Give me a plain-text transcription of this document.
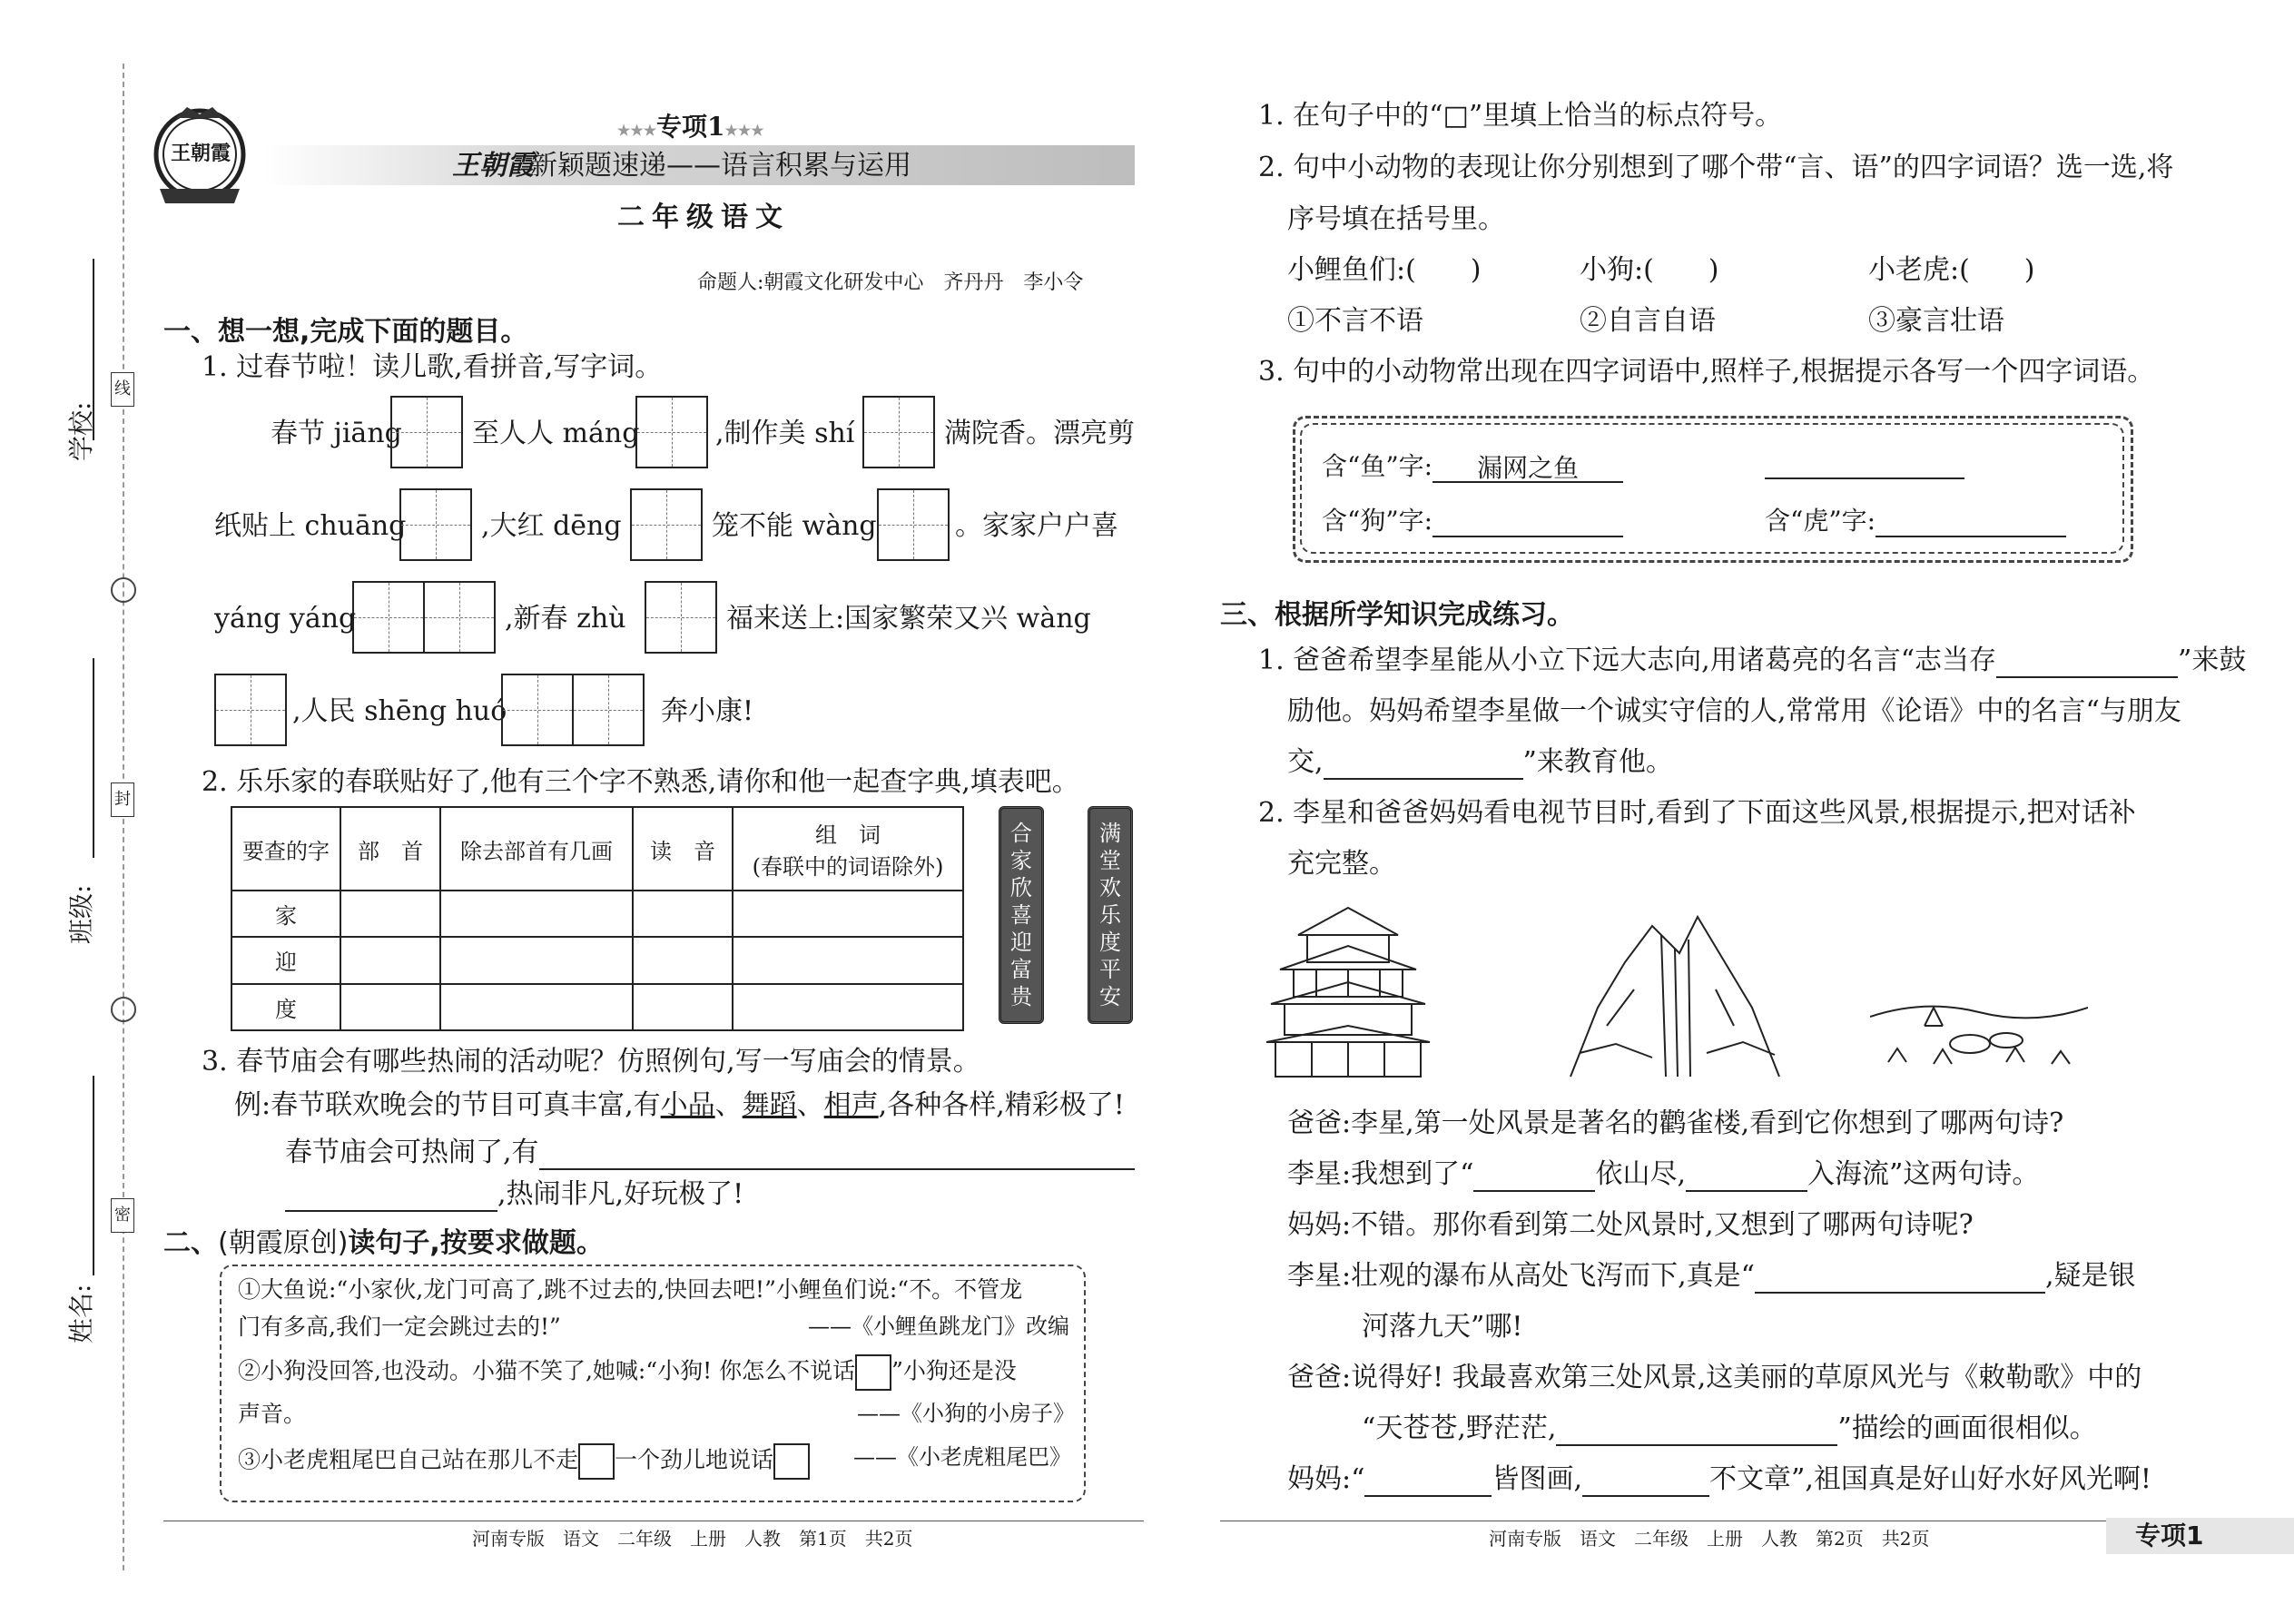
学校:
班级:
姓名:
线
封
密
王朝霞
★★★专项1★★★
王朝霞
新颖题速递——语言积累与运用
二年级语文
命题人:朝霞文化研发中心　齐丹丹　李小令
一、想一想,完成下面的题目。
1. 过春节啦！读儿歌,看拼音,写字词。
春节 jiāng	至人人 máng	,制作美 shí	满院香。漂亮剪
纸贴上 chuāng	,大红 dēng	笼不能 wàng	。家家户户喜
yáng yáng	,新春 zhù	福来送上:国家繁荣又兴 wàng
,人民 shēng huó	奔小康!
2. 乐乐家的春联贴好了,他有三个字不熟悉,请你和他一起查字典,填表吧。
要查的字	部　首	除去部首有几画	读　音	组　词
(春联中的词语除外)

家				
迎				
度				
合
家
欣
喜
迎
富
贵
满
堂
欢
乐
度
平
安
3. 春节庙会有哪些热闹的活动呢？仿照例句,写一写庙会的情景。
例:春节联欢晚会的节目可真丰富,有小品、舞蹈、相声,各种各样,精彩极了!
春节庙会可热闹了,有
,热闹非凡,好玩极了!
二、(朝霞原创)读句子,按要求做题。
①大鱼说:“小家伙,龙门可高了,跳不过去的,快回去吧!”小鲤鱼们说:“不。不管龙
门有多高,我们一定会跳过去的!”	——《小鲤鱼跳龙门》改编
②小狗没回答,也没动。小猫不笑了,她喊:“小狗! 你怎么不说话 ”小狗还是没
声音。	——《小狗的小房子》
③小老虎粗尾巴自己站在那儿不走 一个劲儿地说话	——《小老虎粗尾巴》
河南专版　语文　二年级　上册　人教　第1页　共2页
1. 在句子中的“□”里填上恰当的标点符号。
2. 句中小动物的表现让你分别想到了哪个带“言、语”的四字词语？选一选,将
序号填在括号里。
小鲤鱼们:(　　)	小狗:(　　)	小老虎:(　　)
①不言不语	②自言自语	③豪言壮语
3. 句中的小动物常出现在四字词语中,照样子,根据提示各写一个四字词语。
含“鱼”字: 漏网之鱼
含“狗”字:	含“虎”字:
三、根据所学知识完成练习。
1. 爸爸希望李星能从小立下远大志向,用诸葛亮的名言“志当存	”来鼓
励他。妈妈希望李星做一个诚实守信的人,常常用《论语》中的名言“与朋友
交,	”来教育他。
2. 李星和爸爸妈妈看电视节目时,看到了下面这些风景,根据提示,把对话补
充完整。
爸爸:李星,第一处风景是著名的鹳雀楼,看到它你想到了哪两句诗?
李星:我想到了“	依山尽,	入海流”这两句诗。
妈妈:不错。那你看到第二处风景时,又想到了哪两句诗呢?
李星:壮观的瀑布从高处飞泻而下,真是“	,疑是银
河落九天”哪!
爸爸:说得好! 我最喜欢第三处风景,这美丽的草原风光与《敕勒歌》中的
“天苍苍,野茫茫,	”描绘的画面很相似。
妈妈:“	皆图画,	不文章”,祖国真是好山好水好风光啊!
河南专版　语文　二年级　上册　人教　第2页　共2页	专项1
